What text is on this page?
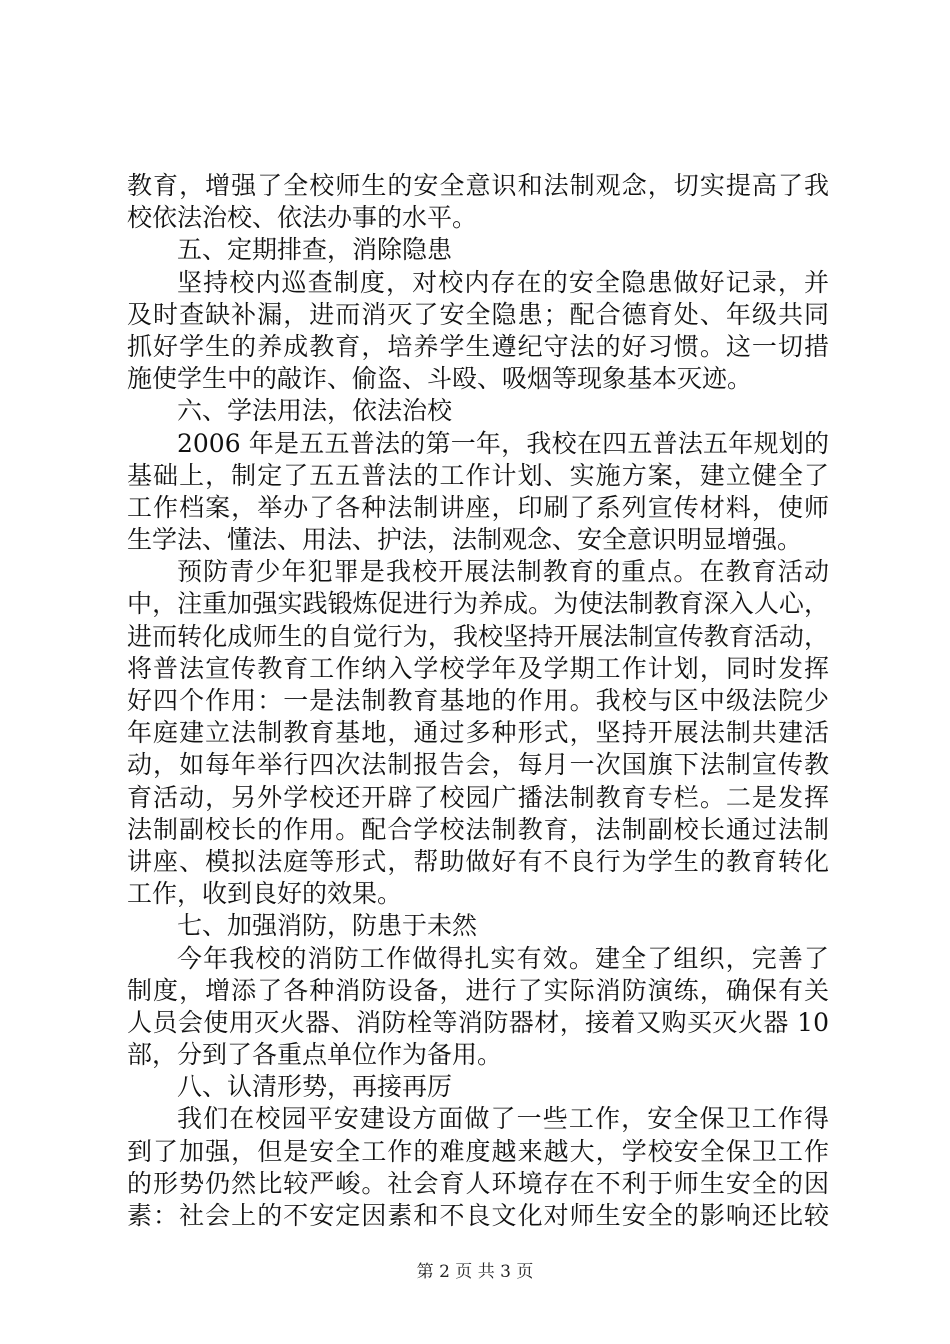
教育，增强了全校师生的安全意识和法制观念，切实提高了我
校依法治校、依法办事的水平。
五、定期排查，消除隐患
坚持校内巡查制度，对校内存在的安全隐患做好记录，并
及时查缺补漏，进而消灭了安全隐患；配合德育处、年级共同
抓好学生的养成教育，培养学生遵纪守法的好习惯。这一切措
施使学生中的敲诈、偷盗、斗殴、吸烟等现象基本灭迹。
六、学法用法，依法治校
2006 年是五五普法的第一年，我校在四五普法五年规划的
基础上，制定了五五普法的工作计划、实施方案，建立健全了
工作档案，举办了各种法制讲座，印刷了系列宣传材料，使师
生学法、懂法、用法、护法，法制观念、安全意识明显增强。
预防青少年犯罪是我校开展法制教育的重点。在教育活动
中，注重加强实践锻炼促进行为养成。为使法制教育深入人心，
进而转化成师生的自觉行为，我校坚持开展法制宣传教育活动，
将普法宣传教育工作纳入学校学年及学期工作计划，同时发挥
好四个作用：一是法制教育基地的作用。我校与区中级法院少
年庭建立法制教育基地，通过多种形式，坚持开展法制共建活
动，如每年举行四次法制报告会，每月一次国旗下法制宣传教
育活动，另外学校还开辟了校园广播法制教育专栏。二是发挥
法制副校长的作用。配合学校法制教育，法制副校长通过法制
讲座、模拟法庭等形式，帮助做好有不良行为学生的教育转化
工作，收到良好的效果。
七、加强消防，防患于未然
今年我校的消防工作做得扎实有效。建全了组织，完善了
制度，增添了各种消防设备，进行了实际消防演练，确保有关
人员会使用灭火器、消防栓等消防器材，接着又购买灭火器 10
部，分到了各重点单位作为备用。
八、认清形势，再接再厉
我们在校园平安建设方面做了一些工作，安全保卫工作得
到了加强，但是安全工作的难度越来越大，学校安全保卫工作
的形势仍然比较严峻。社会育人环境存在不利于师生安全的因
素：社会上的不安定因素和不良文化对师生安全的影响还比较
第 2 页 共 3 页
